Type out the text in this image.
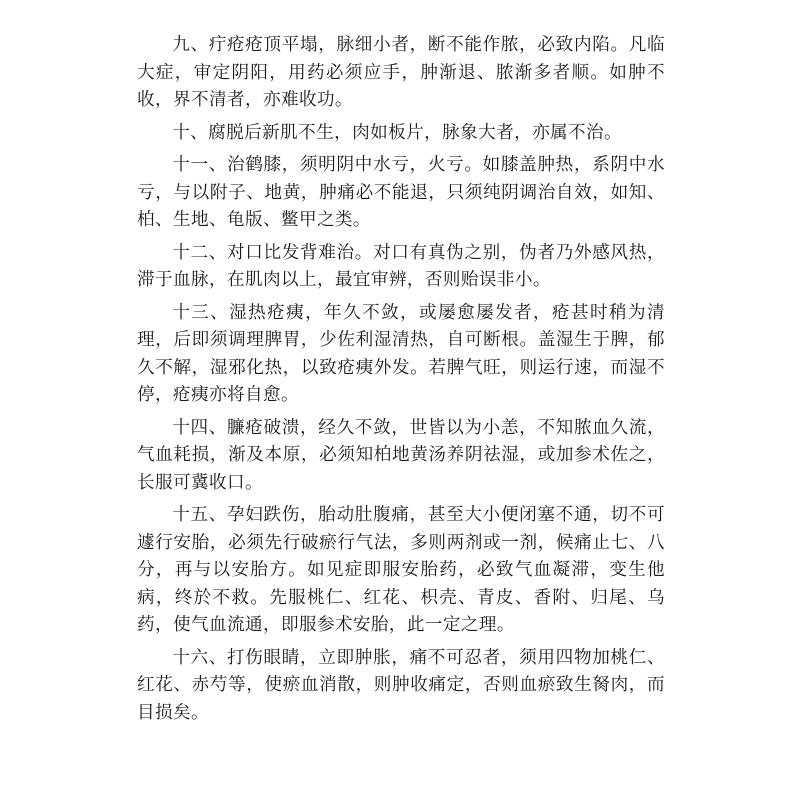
九、疔疮疮顶平塌，脉细小者，断不能作脓，必致内陷。凡临大症，审定阴阳，用药必须应手，肿渐退、脓渐多者顺。如肿不收，界不清者，亦难收功。

十、腐脱后新肌不生，肉如板片，脉象大者，亦属不治。

十一、治鹤膝，须明阴中水亏，火亏。如膝盖肿热，系阴中水亏，与以附子、地黄，肿痛必不能退，只须纯阴调治自效，如知、柏、生地、龟版、鳖甲之类。

十二、对口比发背难治。对口有真伪之别，伪者乃外感风热，滞于血脉，在肌肉以上，最宜审辨，否则贻误非小。

十三、湿热疮痍，年久不敛，或屡愈屡发者，疮甚时稍为清理，后即须调理脾胃，少佐利湿清热，自可断根。盖湿生于脾，郁久不解，湿邪化热，以致疮痍外发。若脾气旺，则运行速，而湿不停，疮痍亦将自愈。

十四、臁疮破溃，经久不敛，世皆以为小恙，不知脓血久流，气血耗损，渐及本原，必须知柏地黄汤养阴祛湿，或加参术佐之，长服可冀收口。

十五、孕妇跌伤，胎动肚腹痛，甚至大小便闭塞不通，切不可遽行安胎，必须先行破瘀行气法，多则两剂或一剂，候痛止七、八分，再与以安胎方。如见症即服安胎药，必致气血凝滞，变生他病，终於不救。先服桃仁、红花、枳壳、青皮、香附、归尾、乌药，使气血流通，即服参术安胎，此一定之理。

十六、打伤眼睛，立即肿胀，痛不可忍者，须用四物加桃仁、红花、赤芍等，使瘀血消散，则肿收痛定，否则血瘀致生胬肉，而目损矣。
